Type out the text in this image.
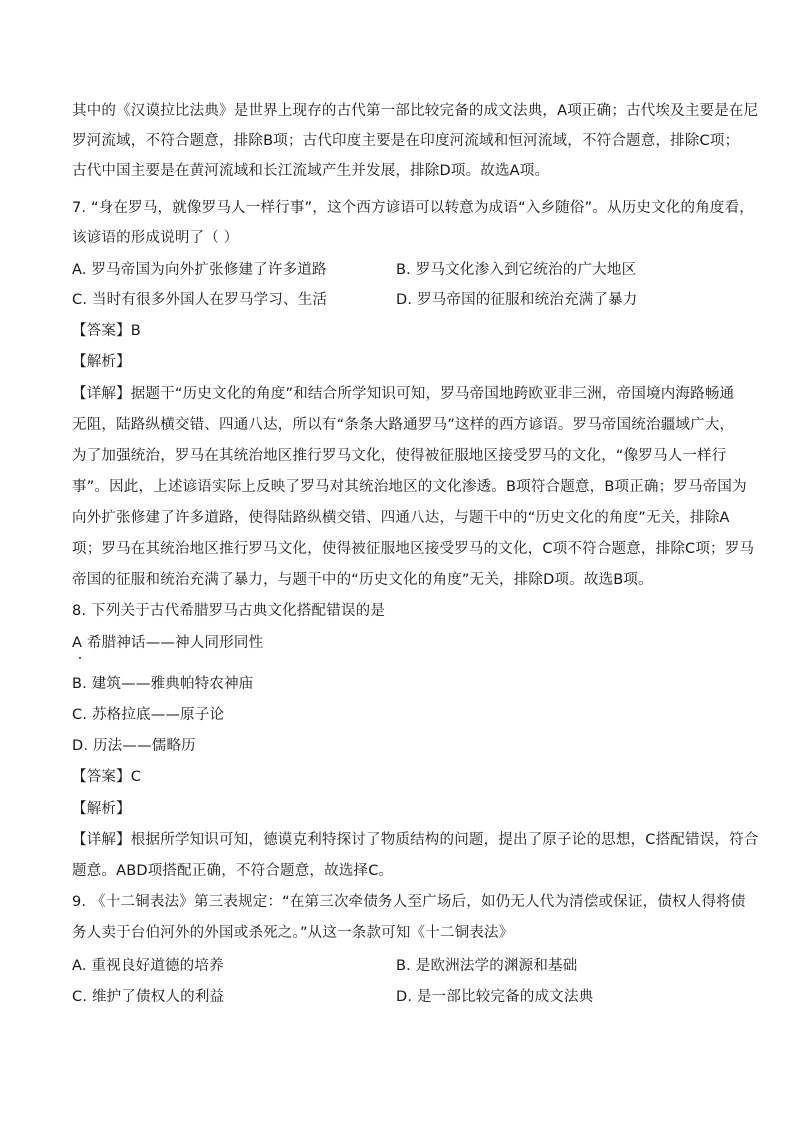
其中的《汉谟拉比法典》是世界上现存的古代第一部比较完备的成文法典，A项正确；古代埃及主要是在尼
罗河流域，不符合题意，排除B项；古代印度主要是在印度河流域和恒河流域，不符合题意，排除C项；
古代中国主要是在黄河流域和长江流域产生并发展，排除D项。故选A项。
7. “身在罗马，就像罗马人一样行事”，这个西方谚语可以转意为成语“入乡随俗”。从历史文化的角度看，
该谚语的形成说明了（ ）
A. 罗马帝国为向外扩张修建了许多道路	B. 罗马文化渗入到它统治的广大地区
C. 当时有很多外国人在罗马学习、生活	D. 罗马帝国的征服和统治充满了暴力
【答案】B
【解析】
【详解】据题干“历史文化的角度”和结合所学知识可知，罗马帝国地跨欧亚非三洲，帝国境内海路畅通
无阻，陆路纵横交错、四通八达，所以有“条条大路通罗马”这样的西方谚语。罗马帝国统治疆域广大，
为了加强统治，罗马在其统治地区推行罗马文化，使得被征服地区接受罗马的文化，“像罗马人一样行
事”。因此，上述谚语实际上反映了罗马对其统治地区的文化渗透。B项符合题意，B项正确；罗马帝国为
向外扩张修建了许多道路，使得陆路纵横交错、四通八达，与题干中的“历史文化的角度”无关，排除A
项；罗马在其统治地区推行罗马文化，使得被征服地区接受罗马的文化，C项不符合题意，排除C项；罗马
帝国的征服和统治充满了暴力，与题干中的“历史文化的角度”无关，排除D项。故选B项。
8. 下列关于古代希腊罗马古典文化搭配错误的是
A 希腊神话——神人同形同性
B. 建筑——雅典帕特农神庙
C. 苏格拉底——原子论
D. 历法——儒略历
【答案】C
【解析】
【详解】根据所学知识可知，德谟克利特探讨了物质结构的问题，提出了原子论的思想，C搭配错误，符合
题意。ABD项搭配正确，不符合题意，故选择C。
9. 《十二铜表法》第三表规定：“在第三次牵债务人至广场后，如仍无人代为清偿或保证，债权人得将债
务人卖于台伯河外的外国或杀死之。”从这一条款可知《十二铜表法》
A. 重视良好道德的培养	B. 是欧洲法学的渊源和基础
C. 维护了债权人的利益	D. 是一部比较完备的成文法典
